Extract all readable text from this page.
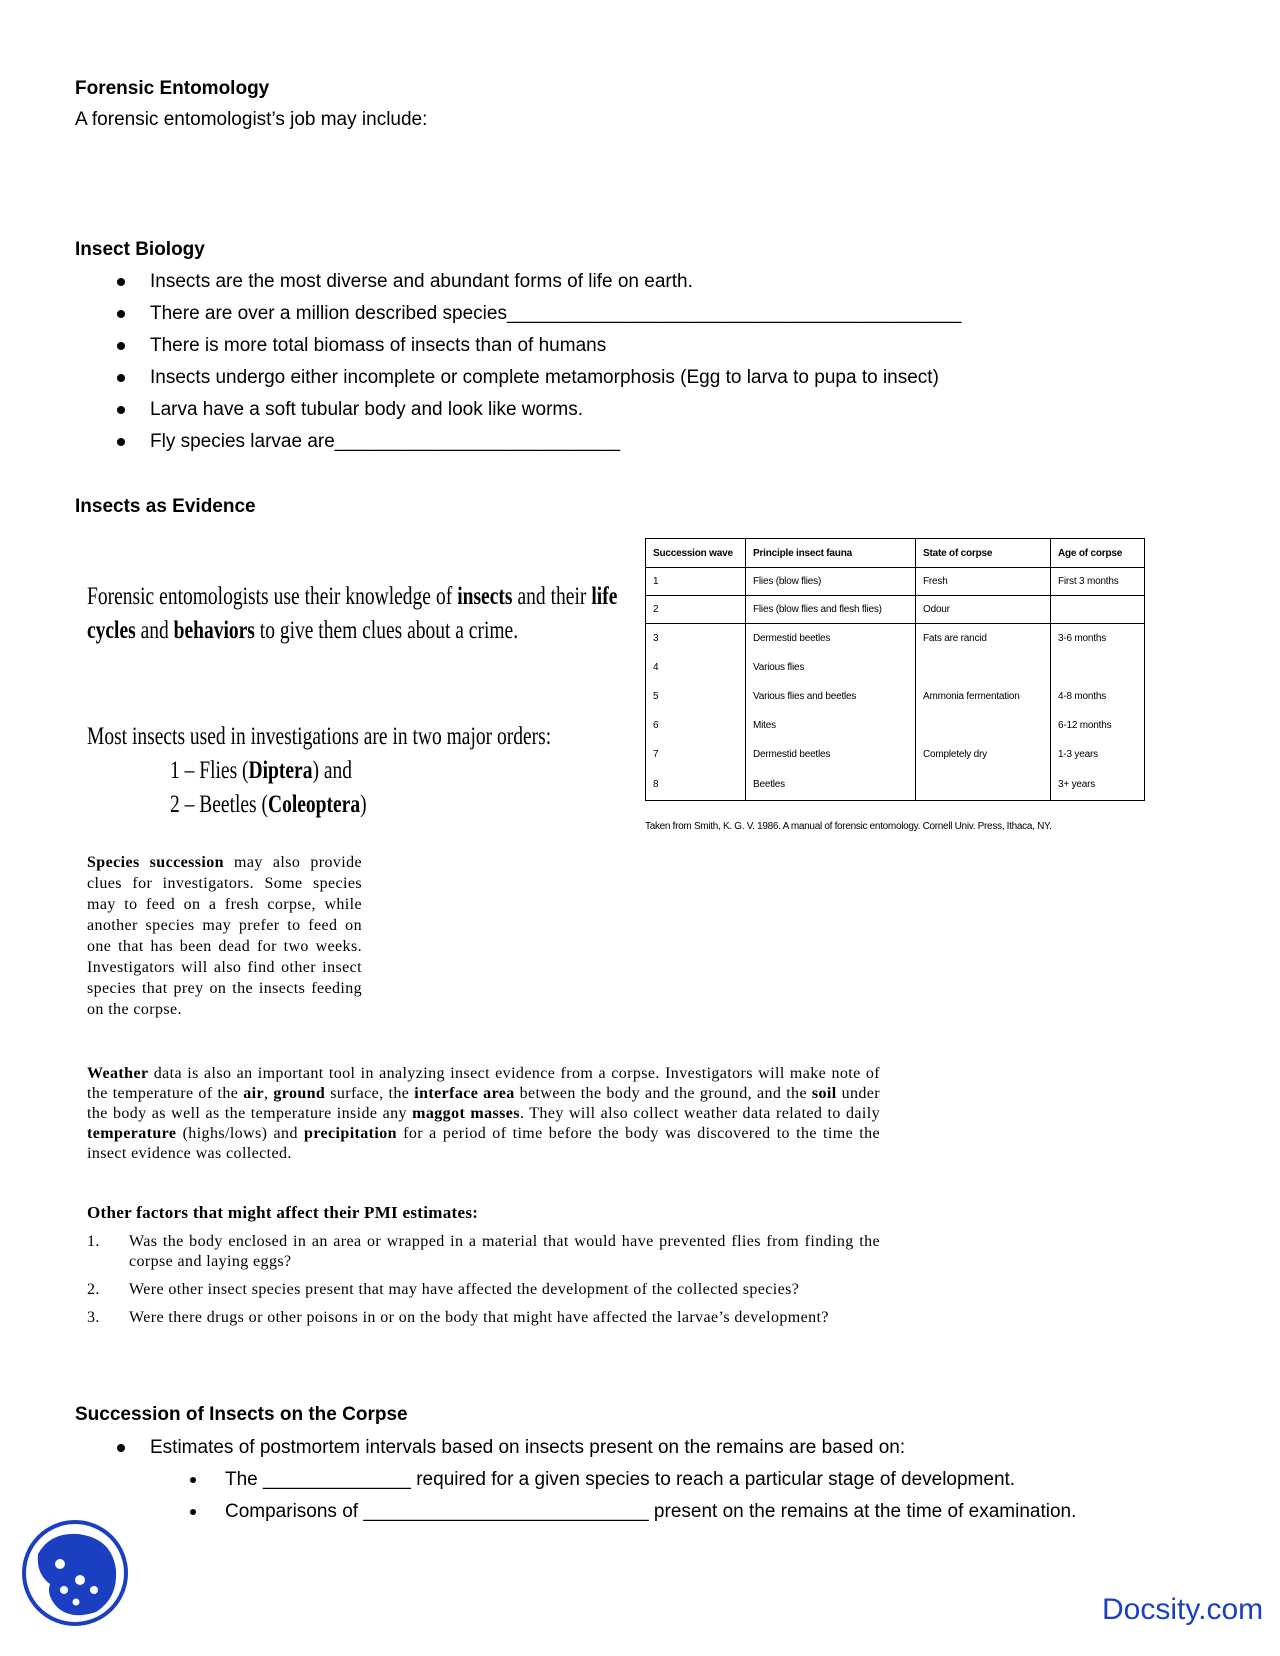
Forensic Entomology
A forensic entomologist’s job may include:
Insect Biology
Insects are the most diverse and abundant forms of life on earth.
There are over a million described species___________________________________________
There is more total biomass of insects than of humans
Insects undergo either incomplete or complete metamorphosis (Egg to larva to pupa to insect)
Larva have a soft tubular body and look like worms.
Fly species larvae are___________________________
Insects as Evidence
Forensic entomologists use their knowledge of insects and their life cycles and behaviors to give them clues about a crime.
Most insects used in investigations are in two major orders:
1 – Flies (Diptera) and
2 – Beetles (Coleoptera)
Succession wave	Principle insect fauna	State of corpse	Age of corpse
1	Flies (blow flies)	Fresh	First 3 months
2	Flies (blow flies and flesh flies)	Odour	
3	Dermestid beetles	Fats are rancid	3-6 months
4	Various flies		
5	Various flies and beetles	Ammonia fermentation	4-8 months
6	Mites		6-12 months
7	Dermestid beetles	Completely dry	1-3 years
8	Beetles		3+ years
Taken from Smith, K. G. V. 1986. A manual of forensic entomology. Cornell Univ. Press, Ithaca, NY.
Species succession may also provide clues for investigators. Some species may to feed on a fresh corpse, while another species may prefer to feed on one that has been dead for two weeks. Investigators will also find other insect species that prey on the insects feeding on the corpse.
Weather data is also an important tool in analyzing insect evidence from a corpse. Investigators will make note of the temperature of the air, ground surface, the interface area between the body and the ground, and the soil under the body as well as the temperature inside any maggot masses. They will also collect weather data related to daily temperature (highs/lows) and precipitation for a period of time before the body was discovered to the time the insect evidence was collected.
Other factors that might affect their PMI estimates:
1. Was the body enclosed in an area or wrapped in a material that would have prevented flies from finding the corpse and laying eggs?
2. Were other insect species present that may have affected the development of the collected species?
3. Were there drugs or other poisons in or on the body that might have affected the larvae’s development?
Succession of Insects on the Corpse
Estimates of postmortem intervals based on insects present on the remains are based on:
The ______________ required for a given species to reach a particular stage of development.
Comparisons of ___________________________ present on the remains at the time of examination.
Docsity.com
